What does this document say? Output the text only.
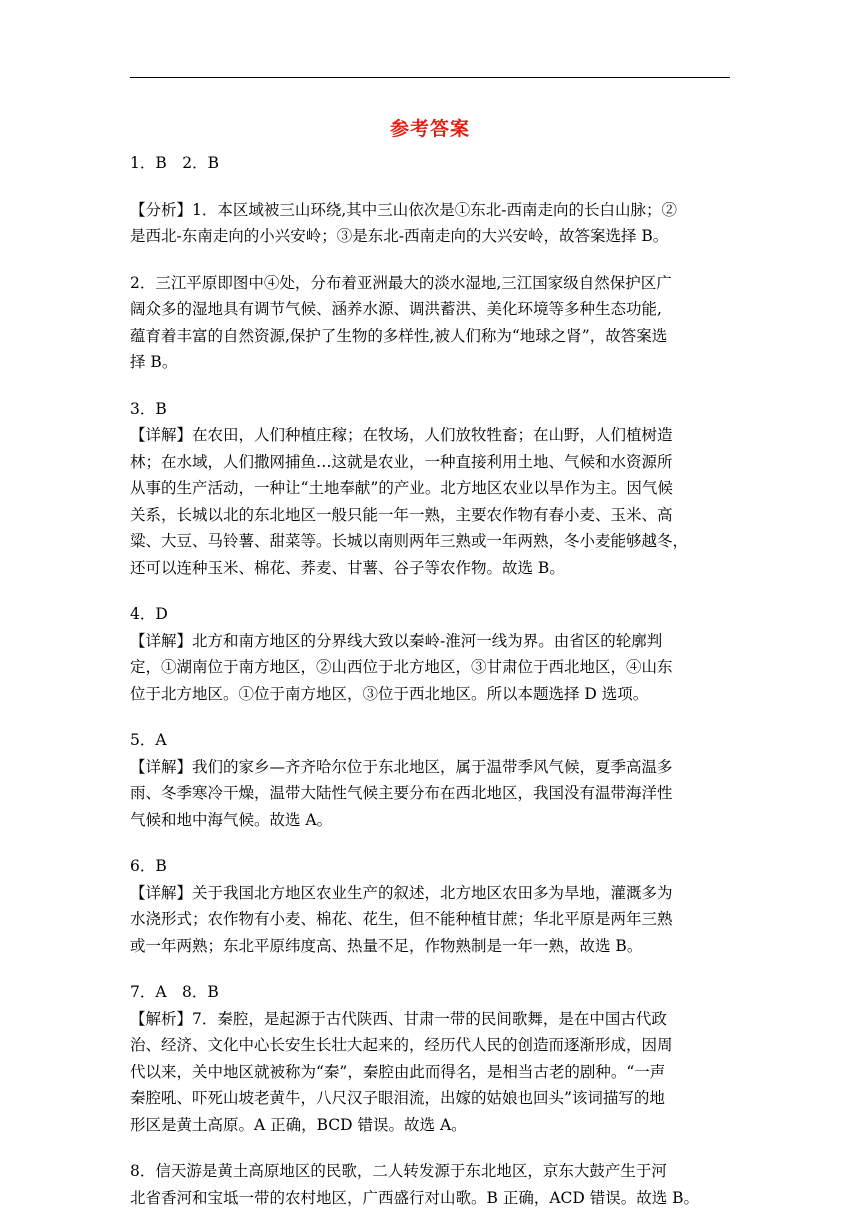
参考答案
1．B　2．B
【分析】1．本区域被三山环绕,其中三山依次是①东北-西南走向的长白山脉；②
是西北-东南走向的小兴安岭；③是东北-西南走向的大兴安岭，故答案选择 B。
2．三江平原即图中④处，分布着亚洲最大的淡水湿地,三江国家级自然保护区广
阔众多的湿地具有调节气候、涵养水源、调洪蓄洪、美化环境等多种生态功能,
蕴育着丰富的自然资源,保护了生物的多样性,被人们称为“地球之肾”，故答案选
择 B。
3．B
【详解】在农田，人们种植庄稼；在牧场，人们放牧牲畜；在山野，人们植树造
林；在水域，人们撒网捕鱼…这就是农业，一种直接利用土地、气候和水资源所
从事的生产活动，一种让“土地奉献”的产业。北方地区农业以旱作为主。因气候
关系，长城以北的东北地区一般只能一年一熟，主要农作物有春小麦、玉米、高
粱、大豆、马铃薯、甜菜等。长城以南则两年三熟或一年两熟，冬小麦能够越冬，
还可以连种玉米、棉花、荞麦、甘薯、谷子等农作物。故选 B。
4．D
【详解】北方和南方地区的分界线大致以秦岭-淮河一线为界。由省区的轮廓判
定，①湖南位于南方地区，②山西位于北方地区，③甘肃位于西北地区，④山东
位于北方地区。①位于南方地区，③位于西北地区。所以本题选择 D 选项。
5．A
【详解】我们的家乡—齐齐哈尔位于东北地区，属于温带季风气候，夏季高温多
雨、冬季寒冷干燥，温带大陆性气候主要分布在西北地区，我国没有温带海洋性
气候和地中海气候。故选 A。
6．B
【详解】关于我国北方地区农业生产的叙述，北方地区农田多为旱地，灌溉多为
水浇形式；农作物有小麦、棉花、花生，但不能种植甘蔗；华北平原是两年三熟
或一年两熟；东北平原纬度高、热量不足，作物熟制是一年一熟，故选 B。
7．A　8．B
【解析】7．秦腔，是起源于古代陕西、甘肃一带的民间歌舞，是在中国古代政
治、经济、文化中心长安生长壮大起来的，经历代人民的创造而逐渐形成，因周
代以来，关中地区就被称为“秦”，秦腔由此而得名，是相当古老的剧种。“一声
秦腔吼、吓死山坡老黄牛，八尺汉子眼泪流，出嫁的姑娘也回头”该词描写的地
形区是黄土高原。A 正确，BCD 错误。故选 A。
8．信天游是黄土高原地区的民歌，二人转发源于东北地区，京东大鼓产生于河
北省香河和宝坻一带的农村地区，广西盛行对山歌。B 正确，ACD 错误。故选 B。
